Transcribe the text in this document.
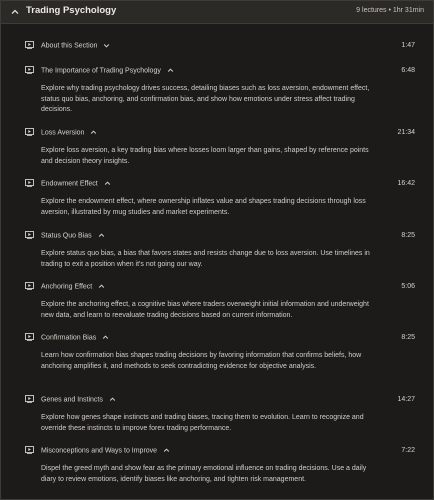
Trading Psychology	9 lectures • 1hr 31min
About this Section	1:47
The Importance of Trading Psychology	6:48
Explore why trading psychology drives success, detailing biases such as loss aversion, endowment effect, status quo bias, anchoring, and confirmation bias, and show how emotions under stress affect trading decisions.
Loss Aversion	21:34
Explore loss aversion, a key trading bias where losses loom larger than gains, shaped by reference points and decision theory insights.
Endowment Effect	16:42
Explore the endowment effect, where ownership inflates value and shapes trading decisions through loss aversion, illustrated by mug studies and market experiments.
Status Quo Bias	8:25
Explore status quo bias, a bias that favors states and resists change due to loss aversion. Use timelines in trading to exit a position when it's not going our way.
Anchoring Effect	5:06
Explore the anchoring effect, a cognitive bias where traders overweight initial information and underweight new data, and learn to reevaluate trading decisions based on current information.
Confirmation Bias	8:25
Learn how confirmation bias shapes trading decisions by favoring information that confirms beliefs, how anchoring amplifies it, and methods to seek contradicting evidence for objective analysis.
Genes and Instincts	14:27
Explore how genes shape instincts and trading biases, tracing them to evolution. Learn to recognize and override these instincts to improve forex trading performance.
Misconceptions and Ways to Improve	7:22
Dispel the greed myth and show fear as the primary emotional influence on trading decisions. Use a daily diary to review emotions, identify biases like anchoring, and tighten risk management.
